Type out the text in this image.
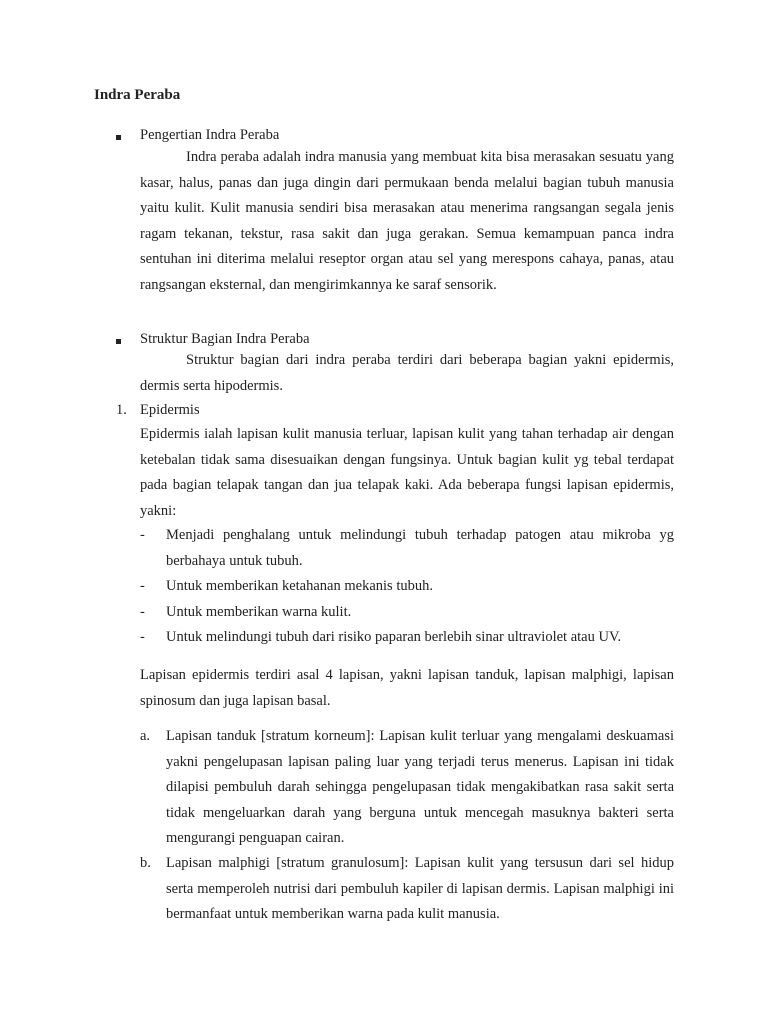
Indra Peraba
Pengertian Indra Peraba
Indra peraba adalah indra manusia yang membuat kita bisa merasakan sesuatu yang kasar, halus, panas dan juga dingin dari permukaan benda melalui bagian tubuh manusia yaitu kulit. Kulit manusia sendiri bisa merasakan atau menerima rangsangan segala jenis ragam tekanan, tekstur, rasa sakit dan juga gerakan. Semua kemampuan panca indra sentuhan ini diterima melalui reseptor organ atau sel yang merespons cahaya, panas, atau rangsangan eksternal, dan mengirimkannya ke saraf sensorik.
Struktur Bagian Indra Peraba
Struktur bagian dari indra peraba terdiri dari beberapa bagian yakni epidermis, dermis serta hipodermis.
1. Epidermis
Epidermis ialah lapisan kulit manusia terluar, lapisan kulit yang tahan terhadap air dengan ketebalan tidak sama disesuaikan dengan fungsinya. Untuk bagian kulit yg tebal terdapat pada bagian telapak tangan dan jua telapak kaki. Ada beberapa fungsi lapisan epidermis, yakni:
- Menjadi penghalang untuk melindungi tubuh terhadap patogen atau mikroba yg berbahaya untuk tubuh.
- Untuk memberikan ketahanan mekanis tubuh.
- Untuk memberikan warna kulit.
- Untuk melindungi tubuh dari risiko paparan berlebih sinar ultraviolet atau UV.
Lapisan epidermis terdiri asal 4 lapisan, yakni lapisan tanduk, lapisan malphigi, lapisan spinosum dan juga lapisan basal.
a. Lapisan tanduk [stratum korneum]: Lapisan kulit terluar yang mengalami deskuamasi yakni pengelupasan lapisan paling luar yang terjadi terus menerus. Lapisan ini tidak dilapisi pembuluh darah sehingga pengelupasan tidak mengakibatkan rasa sakit serta tidak mengeluarkan darah yang berguna untuk mencegah masuknya bakteri serta mengurangi penguapan cairan.
b. Lapisan malphigi [stratum granulosum]: Lapisan kulit yang tersusun dari sel hidup serta memperoleh nutrisi dari pembuluh kapiler di lapisan dermis. Lapisan malphigi ini bermanfaat untuk memberikan warna pada kulit manusia.
